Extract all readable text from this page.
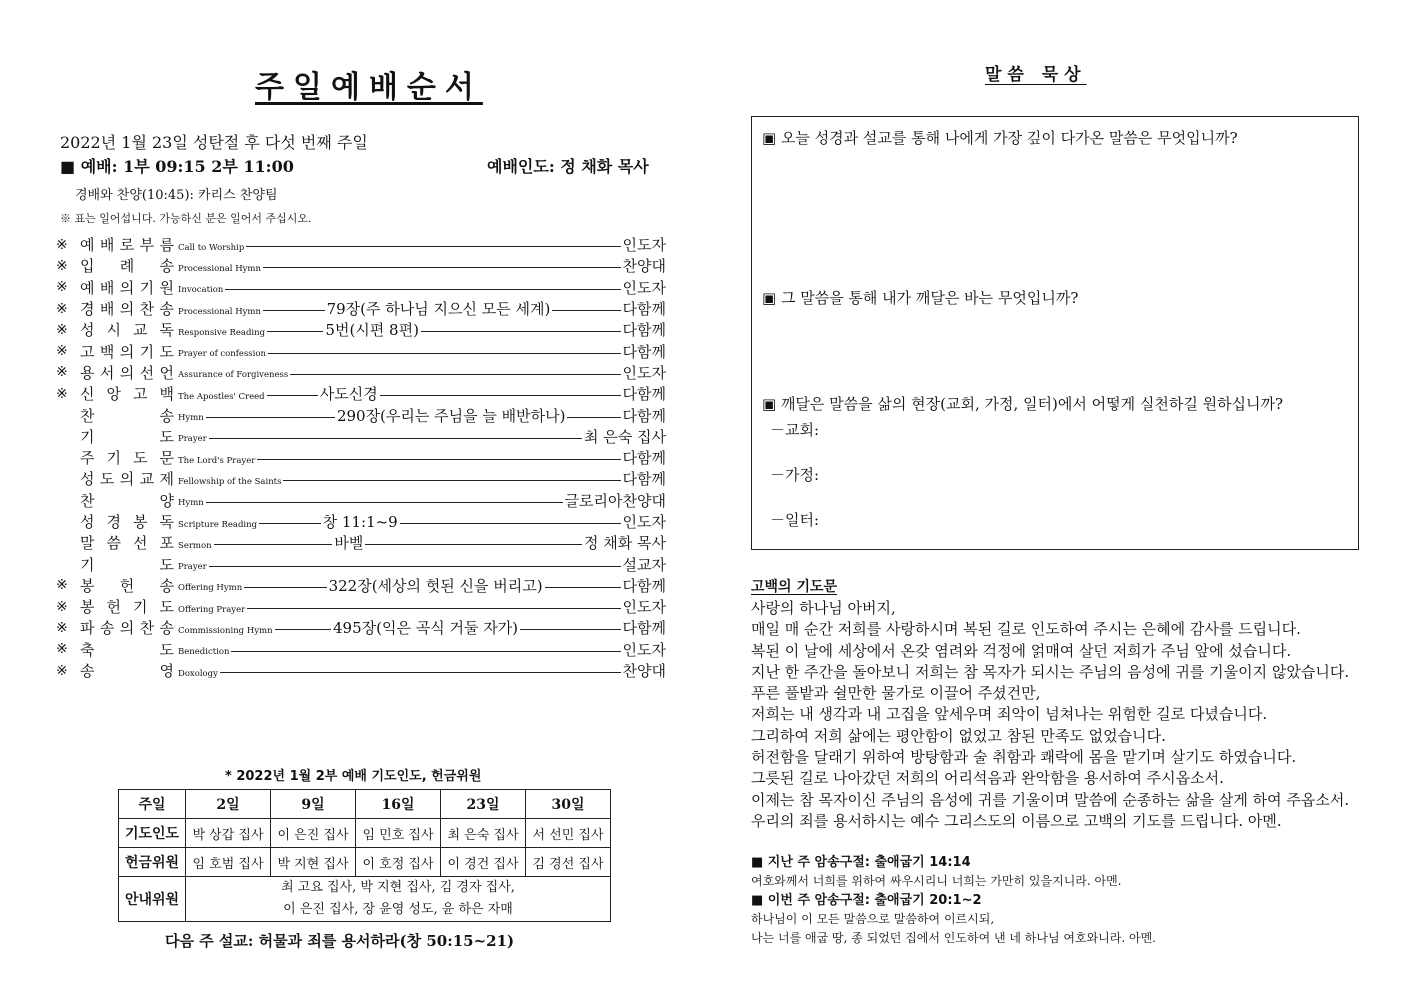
주일예배순서
2022년 1월 23일 성탄절 후 다섯 번째 주일
■ 예배: 1부 09:15 2부 11:00	예배인도: 정 채화 목사
경배와 찬양(10:45): 카리스 찬양팀
※ 표는 일어섭니다. 가능하신 분은 일어서 주십시오.
※ 예 배 로 부 름 Call to Worship	인도자
※ 입 례 송 Processional Hymn	찬양대
※ 예 배 의 기 원 Invocation	인도자
※ 경 배 의 찬 송 Processional Hymn	79장(주 하나님 지으신 모든 세계)	다함께
※ 성 시 교 독 Responsive Reading	5번(시편 8편)	다함께
※ 고 백 의 기 도 Prayer of confession	다함께
※ 용 서 의 선 언 Assurance of Forgiveness	인도자
※ 신 앙 고 백 The Apostles' Creed	사도신경	다함께
찬	송 Hymn	290장(우리는 주님을 늘 배반하나)	다함께
기	도 Prayer	최 은숙 집사
주 기 도 문 The Lord's Prayer	다함께
성 도 의 교 제 Fellowship of the Saints	다함께
찬	양 Hymn	글로리아찬양대
성 경 봉 독 Scripture Reading	창 11:1~9	인도자
말 씀 선 포 Sermon	바벨	정 채화 목사
기	도 Prayer	설교자
※ 봉 헌 송 Offering Hymn	322장(세상의 헛된 신을 버리고)	다함께
※ 봉 헌 기 도 Offering Prayer	인도자
※ 파 송 의 찬 송 Commissioning Hymn	495장(익은 곡식 거둘 자가)	다함께
※ 축	도 Benediction	인도자
※ 송	영 Doxology	찬양대
* 2022년 1월 2부 예배 기도인도, 헌금위원
주일	2일	9일	16일	23일	30일
기도인도	박 상갑 집사	이 은진 집사	임 민호 집사	최 은숙 집사	서 선민 집사
헌금위원	임 호범 집사	박 지현 집사	이 호정 집사	이 경건 집사	김 경선 집사
안내위원	최 고요 집사, 박 지현 집사, 김 경자 집사,
이 은진 집사, 장 윤영 성도, 윤 하은 자매				
다음 주 설교: 허물과 죄를 용서하라(창 50:15~21)
말씀 묵상
▣ 오늘 성경과 설교를 통해 나에게 가장 깊이 다가온 말씀은 무엇입니까?
▣ 그 말씀을 통해 내가 깨달은 바는 무엇입니까?
▣ 깨달은 말씀을 삶의 현장(교회, 가정, 일터)에서 어떻게 실천하길 원하십니까?
－교회:
－가정:
－일터:
고백의 기도문
사랑의 하나님 아버지,
매일 매 순간 저희를 사랑하시며 복된 길로 인도하여 주시는 은혜에 감사를 드립니다.
복된 이 날에 세상에서 온갖 염려와 걱정에 얽매여 살던 저희가 주님 앞에 섰습니다.
지난 한 주간을 돌아보니 저희는 참 목자가 되시는 주님의 음성에 귀를 기울이지 않았습니다.
푸른 풀밭과 쉴만한 물가로 이끌어 주셨건만,
저희는 내 생각과 내 고집을 앞세우며 죄악이 넘쳐나는 위험한 길로 다녔습니다.
그리하여 저희 삶에는 평안함이 없었고 참된 만족도 없었습니다.
허전함을 달래기 위하여 방탕함과 술 취함과 쾌락에 몸을 맡기며 살기도 하였습니다.
그릇된 길로 나아갔던 저희의 어리석음과 완악함을 용서하여 주시옵소서.
이제는 참 목자이신 주님의 음성에 귀를 기울이며 말씀에 순종하는 삶을 살게 하여 주옵소서.
우리의 죄를 용서하시는 예수 그리스도의 이름으로 고백의 기도를 드립니다. 아멘.
■ 지난 주 암송구절: 출애굽기 14:14
여호와께서 너희를 위하여 싸우시리니 너희는 가만히 있을지니라. 아멘.
■ 이번 주 암송구절: 출애굽기 20:1~2
하나님이 이 모든 말씀으로 말씀하여 이르시되,
나는 너를 애굽 땅, 종 되었던 집에서 인도하여 낸 네 하나님 여호와니라. 아멘.
